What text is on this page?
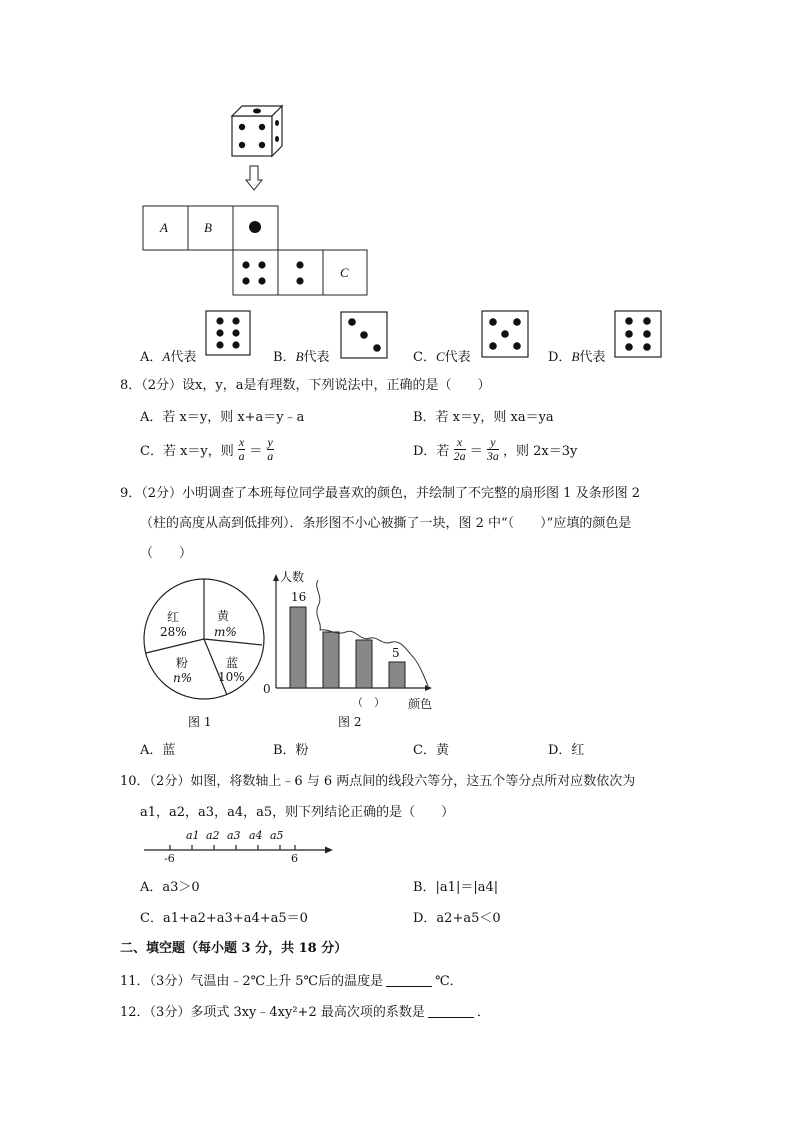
A	B
C
A．A代表	B．B代表	C．C代表	D．B代表
8．（2分）设x，y，a是有理数，下列说法中，正确的是（　　）
A．若 x＝y，则 x+a＝y﹣a	B．若 x＝y，则 xa＝ya
C．若 x＝y，则 $\frac{x}{a} = \frac{y}{a}$	D．若 $\frac{x}{2a} = \frac{y}{3a}$ ，则 2x＝3y
9．（2分）小明调查了本班每位同学最喜欢的颜色，并绘制了不完整的扇形图 1 及条形图 2
（柱的高度从高到低排列）．条形图不小心被撕了一块，图 2 中“（　　）”应填的颜色是
（　　）
红
28%
黄
m%
粉
n%
蓝
10%
图 1
人数
16
5
0
（　） 颜色
图 2
A．蓝	B．粉	C．黄	D．红
10．（2分）如图，将数轴上﹣6 与 6 两点间的线段六等分，这五个等分点所对应数依次为
a1，a2，a3，a4，a5，则下列结论正确的是（　　）
a1 a2 a3 a4 a5
-6	6
A．a3＞0	B．|a1|＝|a4|
C．a1+a2+a3+a4+a5＝0	D．a2+a5＜0
二、填空题（每小题 3 分，共 18 分）
11．（3分）气温由﹣2℃上升 5℃后的温度是	℃．
12．（3分）多项式 3xy﹣4xy²+2 最高次项的系数是	．
